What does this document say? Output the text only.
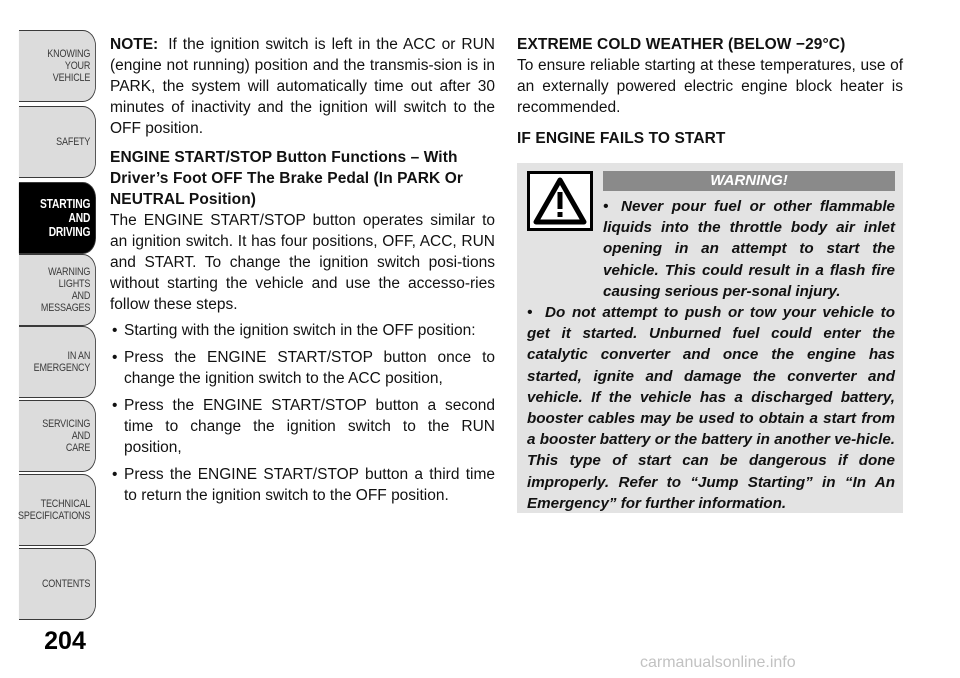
KNOWING
YOUR
VEHICLE
SAFETY
STARTING
AND
DRIVING
WARNING
LIGHTS
AND
MESSAGES
IN AN
EMERGENCY
SERVICING
AND
CARE
TECHNICAL
SPECIFICATIONS
CONTENTS
204

NOTE: If the ignition switch is left in the ACC or RUN (engine not running) position and the transmis-sion is in PARK, the system will automatically time out after 30 minutes of inactivity and the ignition will switch to the OFF position.

ENGINE START/STOP Button Functions – With Driver’s Foot OFF The Brake Pedal (In PARK Or NEUTRAL Position)

The ENGINE START/STOP button operates similar to an ignition switch. It has four positions, OFF, ACC, RUN and START. To change the ignition switch posi-tions without starting the vehicle and use the accesso-ries follow these steps.

• Starting with the ignition switch in the OFF position:
• Press the ENGINE START/STOP button once to change the ignition switch to the ACC position,
• Press the ENGINE START/STOP button a second time to change the ignition switch to the RUN position,
• Press the ENGINE START/STOP button a third time to return the ignition switch to the OFF position.
EXTREME COLD WEATHER (BELOW −29°C)

To ensure reliable starting at these temperatures, use of an externally powered electric engine block heater is recommended.

IF ENGINE FAILS TO START
WARNING!

• Never pour fuel or other flammable liquids into the throttle body air inlet opening in an attempt to start the vehicle. This could result in a flash fire causing serious per-sonal injury.

• Do not attempt to push or tow your vehicle to get it started. Unburned fuel could enter the catalytic converter and once the engine has started, ignite and damage the converter and vehicle. If the vehicle has a discharged battery, booster cables may be used to obtain a start from a booster battery or the battery in another ve-hicle. This type of start can be dangerous if done improperly. Refer to “Jump Starting” in “In An Emergency” for further information.

carmanualsonline.info
